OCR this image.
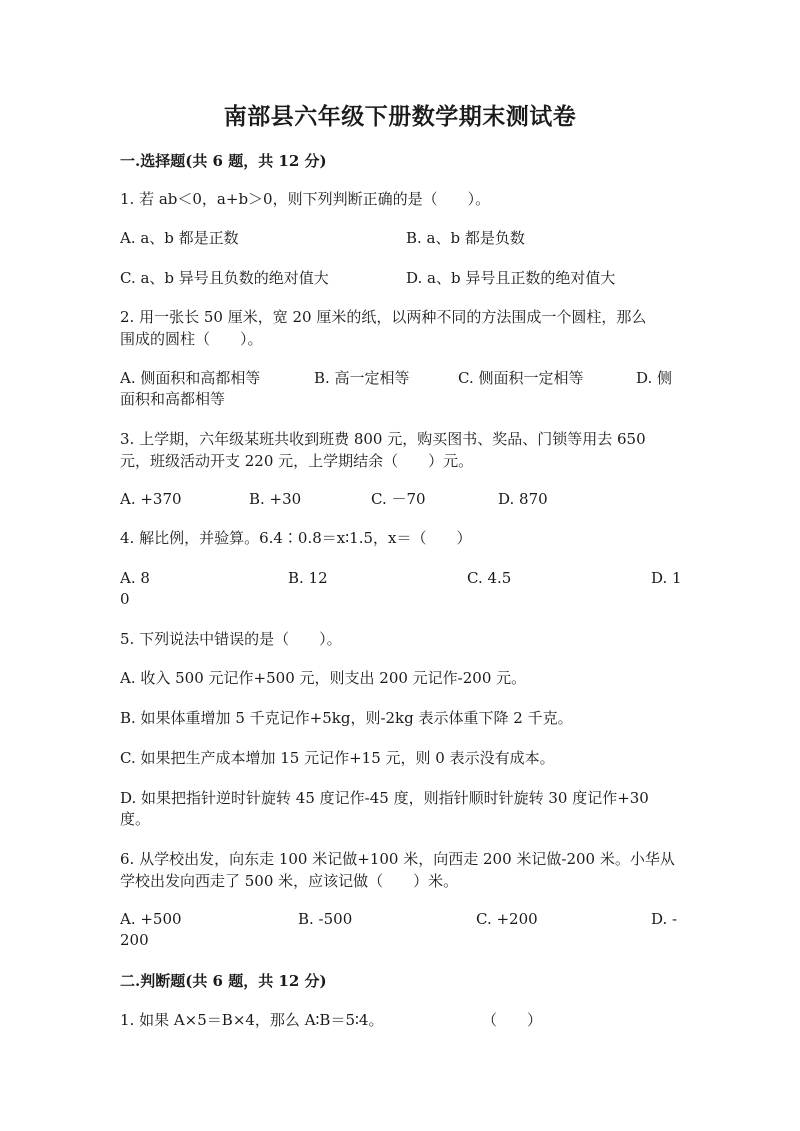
南部县六年级下册数学期末测试卷
一.选择题(共 6 题，共 12 分)
1. 若 ab＜0，a+b＞0，则下列判断正确的是（　　）。
A. a、b 都是正数	B. a、b 都是负数
C. a、b 异号且负数的绝对值大	D. a、b 异号且正数的绝对值大
2. 用一张长 50 厘米，宽 20 厘米的纸，以两种不同的方法围成一个圆柱，那么
围成的圆柱（　　）。
A. 侧面积和高都相等	B. 高一定相等	C. 侧面积一定相等	D. 侧
面积和高都相等
3. 上学期，六年级某班共收到班费 800 元，购买图书、奖品、门锁等用去 650
元，班级活动开支 220 元，上学期结余（　　）元。
A. +370	B. +30	C. －70	D. 870
4. 解比例，并验算。6.4∶0.8＝x∶1.5，x＝（　　）
A. 8	B. 12	C. 4.5	D. 1
0
5. 下列说法中错误的是（　　）。
A. 收入 500 元记作+500 元，则支出 200 元记作-200 元。
B. 如果体重增加 5 千克记作+5kg，则-2kg 表示体重下降 2 千克。
C. 如果把生产成本增加 15 元记作+15 元，则 0 表示没有成本。
D. 如果把指针逆时针旋转 45 度记作-45 度，则指针顺时针旋转 30 度记作+30
度。
6. 从学校出发，向东走 100 米记做+100 米，向西走 200 米记做-200 米。小华从
学校出发向西走了 500 米，应该记做（　　）米。
A. +500	B. -500	C. +200	D. -
200
二.判断题(共 6 题，共 12 分)
1. 如果 A×5＝B×4，那么 A∶B＝5∶4。	（　　）
